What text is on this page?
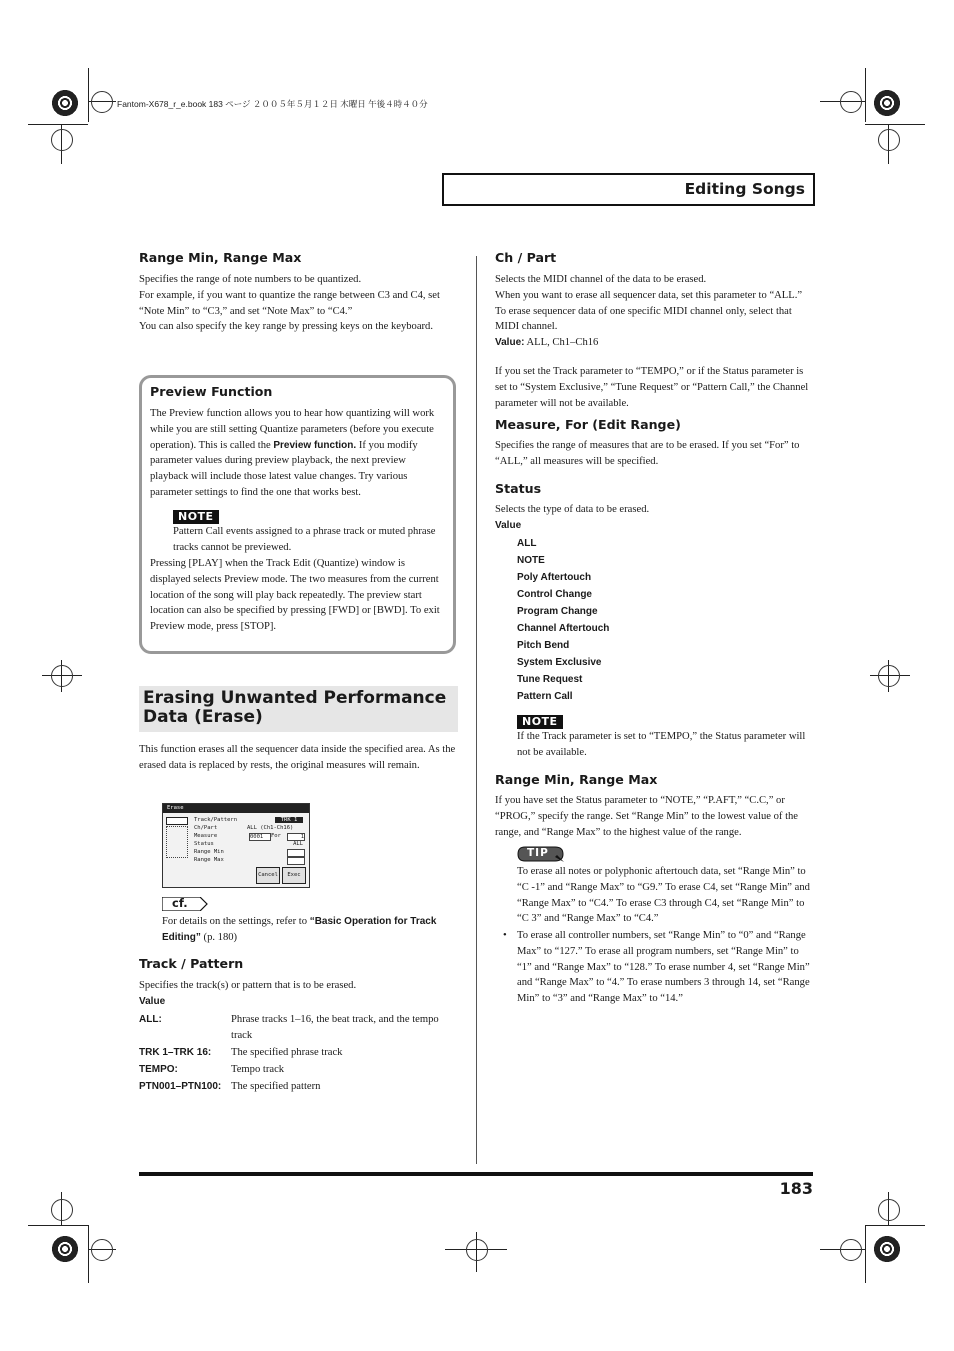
Fantom-X678_r_e.book 183 ページ ２００５年５月１２日 木曜日 午後４時４０分
Editing Songs
Range Min, Range Max
Specifies the range of note numbers to be quantized.
For example, if you want to quantize the range between C3 and C4, set “Note Min” to “C3,” and set “Note Max” to “C4.”
You can also specify the key range by pressing keys on the keyboard.
Preview Function
The Preview function allows you to hear how quantizing will work while you are still setting Quantize parameters (before you execute operation). This is called the Preview function. If you modify parameter values during preview playback, the next preview playback will include those latest value changes. Try various parameter settings to find the one that works best.
NOTE
Pattern Call events assigned to a phrase track or muted phrase tracks cannot be previewed.
Pressing [PLAY] when the Track Edit (Quantize) window is displayed selects Preview mode. The two measures from the current location of the song will play back repeatedly. The preview start location can also be specified by pressing [FWD] or [BWD]. To exit Preview mode, press [STOP].
Erasing Unwanted Performance Data (Erase)
This function erases all the sequencer data inside the specified area. As the erased data is replaced by rests, the original measures will remain.
Erase
Track/Pattern
Ch/Part
Measure
Status
Range Min
Range Max
TRK 1
ALL (Ch1-Ch16)
0001	For	1
ALL
Cancel	Exec
cf.
For details on the settings, refer to “Basic Operation for Track Editing” (p. 180)
Track / Pattern
Specifies the track(s) or pattern that is to be erased.
Value
ALL:	Phrase tracks 1–16, the beat track, and the tempo track
TRK 1–TRK 16: The specified phrase track
TEMPO:	Tempo track
PTN001–PTN100: The specified pattern
Ch / Part
Selects the MIDI channel of the data to be erased.
When you want to erase all sequencer data, set this parameter to “ALL.” To erase sequencer data of one specific MIDI channel only, select that MIDI channel.
Value: ALL, Ch1–Ch16
If you set the Track parameter to “TEMPO,” or if the Status parameter is set to “System Exclusive,” “Tune Request” or “Pattern Call,” the Channel parameter will not be available.
Measure, For (Edit Range)
Specifies the range of measures that are to be erased. If you set “For” to “ALL,” all measures will be specified.
Status
Selects the type of data to be erased.
Value
ALL
NOTE
Poly Aftertouch
Control Change
Program Change
Channel Aftertouch
Pitch Bend
System Exclusive
Tune Request
Pattern Call
NOTE
If the Track parameter is set to “TEMPO,” the Status parameter will not be available.
Range Min, Range Max
If you have set the Status parameter to “NOTE,” “P.AFT,” “C.C,” or “PROG,” specify the range. Set “Range Min” to the lowest value of the range, and “Range Max” to the highest value of the range.
TIP
To erase all notes or polyphonic aftertouch data, set “Range Min” to “C -1” and “Range Max” to “G9.” To erase C4, set “Range Min” and “Range Max” to “C4.” To erase C3 through C4, set “Range Min” to “C 3” and “Range Max” to “C4.”
• To erase all controller numbers, set “Range Min” to “0” and “Range Max” to “127.” To erase all program numbers, set “Range Min” to “1” and “Range Max” to “128.” To erase number 4, set “Range Min” and “Range Max” to “4.” To erase numbers 3 through 14, set “Range Min” to “3” and “Range Max” to “14.”
183
